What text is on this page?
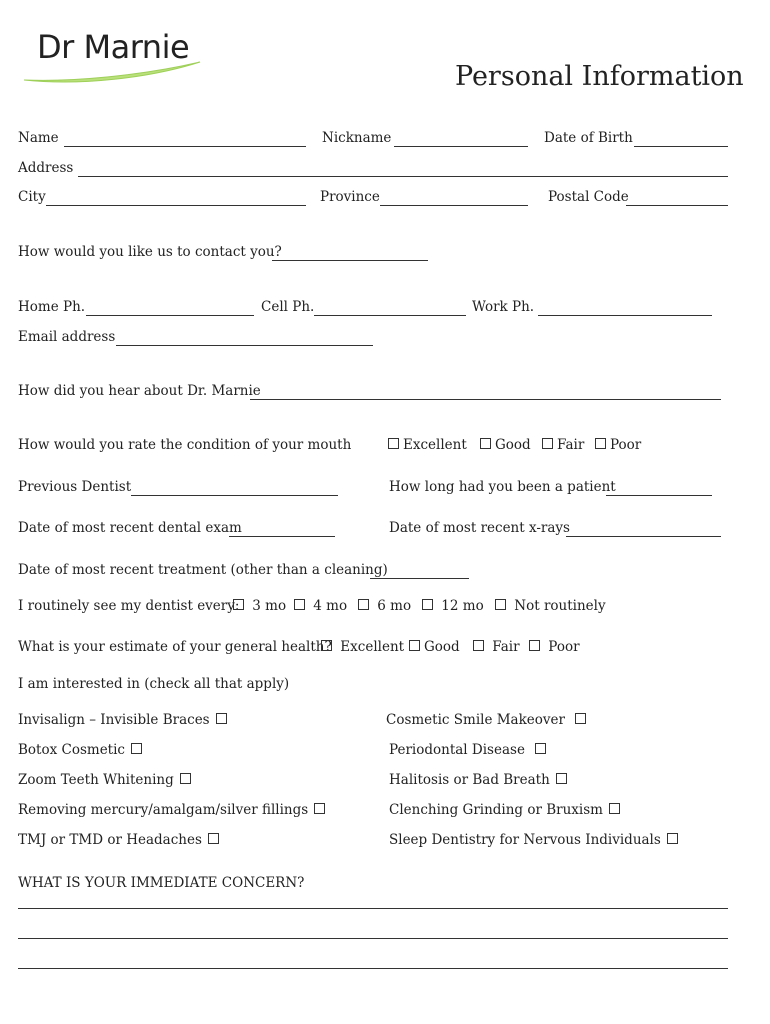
Dr Marnie
Personal Information
Name	Nickname	Date of Birth
Address
City	Province	Postal Code
How would you like us to contact you?
Home Ph.	Cell Ph.	Work Ph.
Email address
How did you hear about Dr. Marnie
How would you rate the condition of your mouth	Excellent	Good	Fair	Poor
Previous Dentist	How long had you been a patient
Date of most recent dental exam	Date of most recent x-rays
Date of most recent treatment (other than a cleaning)
I routinely see my dentist every: 3 mo	4 mo	6 mo	12 mo	Not routinely
What is your estimate of your general health? Excellent	Good	Fair	Poor
I am interested in (check all that apply)
Invisalign – Invisible Braces
Botox Cosmetic
Zoom Teeth Whitening
Removing mercury/amalgam/silver fillings
TMJ or TMD or Headaches
Cosmetic Smile Makeover
Periodontal Disease
Halitosis or Bad Breath
Clenching Grinding or Bruxism
Sleep Dentistry for Nervous Individuals
WHAT IS YOUR IMMEDIATE CONCERN?
